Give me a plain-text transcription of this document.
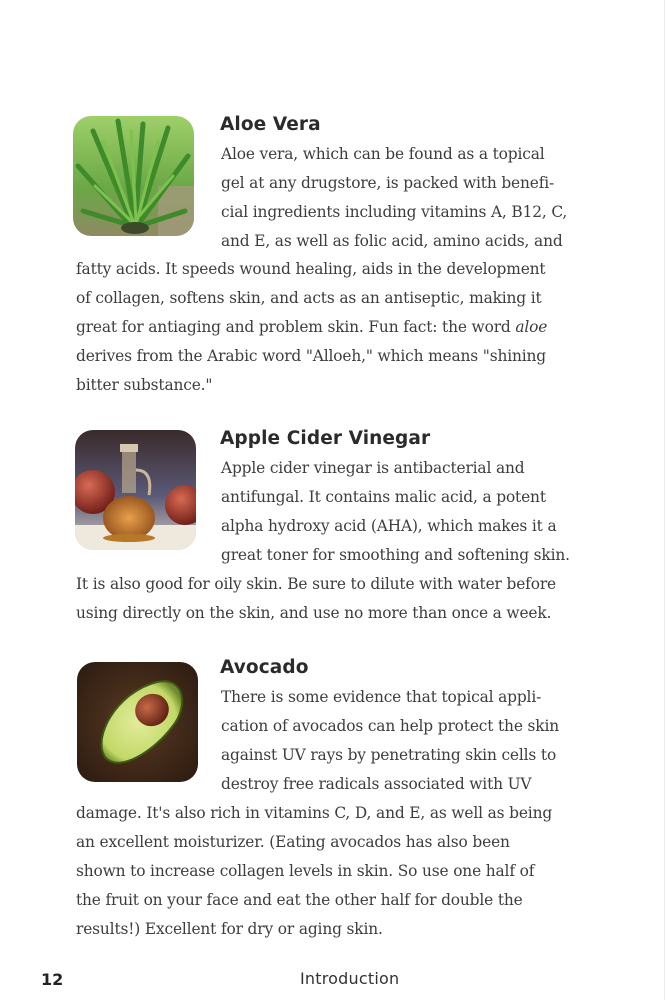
Aloe Vera
Aloe vera, which can be found as a topical
gel at any drugstore, is packed with benefi-
cial ingredients including vitamins A, B12, C,
and E, as well as folic acid, amino acids, and
fatty acids. It speeds wound healing, aids in the development
of collagen, softens skin, and acts as an antiseptic, making it
great for antiaging and problem skin. Fun fact: the word aloe
derives from the Arabic word "Alloeh," which means "shining
bitter substance."
Apple Cider Vinegar
Apple cider vinegar is antibacterial and
antifungal. It contains malic acid, a potent
alpha hydroxy acid (AHA), which makes it a
great toner for smoothing and softening skin.
It is also good for oily skin. Be sure to dilute with water before
using directly on the skin, and use no more than once a week.
Avocado
There is some evidence that topical appli-
cation of avocados can help protect the skin
against UV rays by penetrating skin cells to
destroy free radicals associated with UV
damage. It's also rich in vitamins C, D, and E, as well as being
an excellent moisturizer. (Eating avocados has also been
shown to increase collagen levels in skin. So use one half of
the fruit on your face and eat the other half for double the
results!) Excellent for dry or aging skin.
12	Introduction
